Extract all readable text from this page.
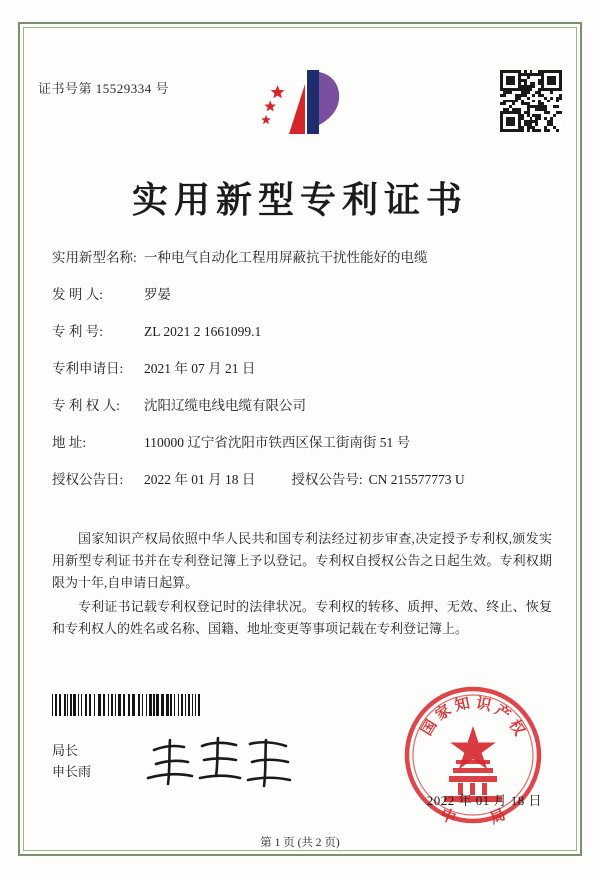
证书号第 15529334 号
实用新型专利证书
实用新型名称: 一种电气自动化工程用屏蔽抗干扰性能好的电缆
发 明 人:	罗晏
专 利 号:	ZL 2021 2 1661099.1
专利申请日: 2021 年 07 月 21 日
专 利 权 人: 沈阳辽缆电线电缆有限公司
地 址:	110000 辽宁省沈阳市铁西区保工街南街 51 号
授权公告日: 2022 年 01 月 18 日	授权公告号: CN 215577773 U

国家知识产权局依照中华人民共和国专利法经过初步审查,决定授予专利权,颁发实用新型专利证书并在专利登记簿上予以登记。专利权自授权公告之日起生效。专利权期限为十年,自申请日起算。

专利证书记载专利权登记时的法律状况。专利权的转移、质押、无效、终止、恢复和专利权人的姓名或名称、国籍、地址变更等事项记载在专利登记簿上。

局长
申长雨
国
家
知 识
产
权
局
中
2022 年 01 月 18 日
第 1 页 (共 2 页)
